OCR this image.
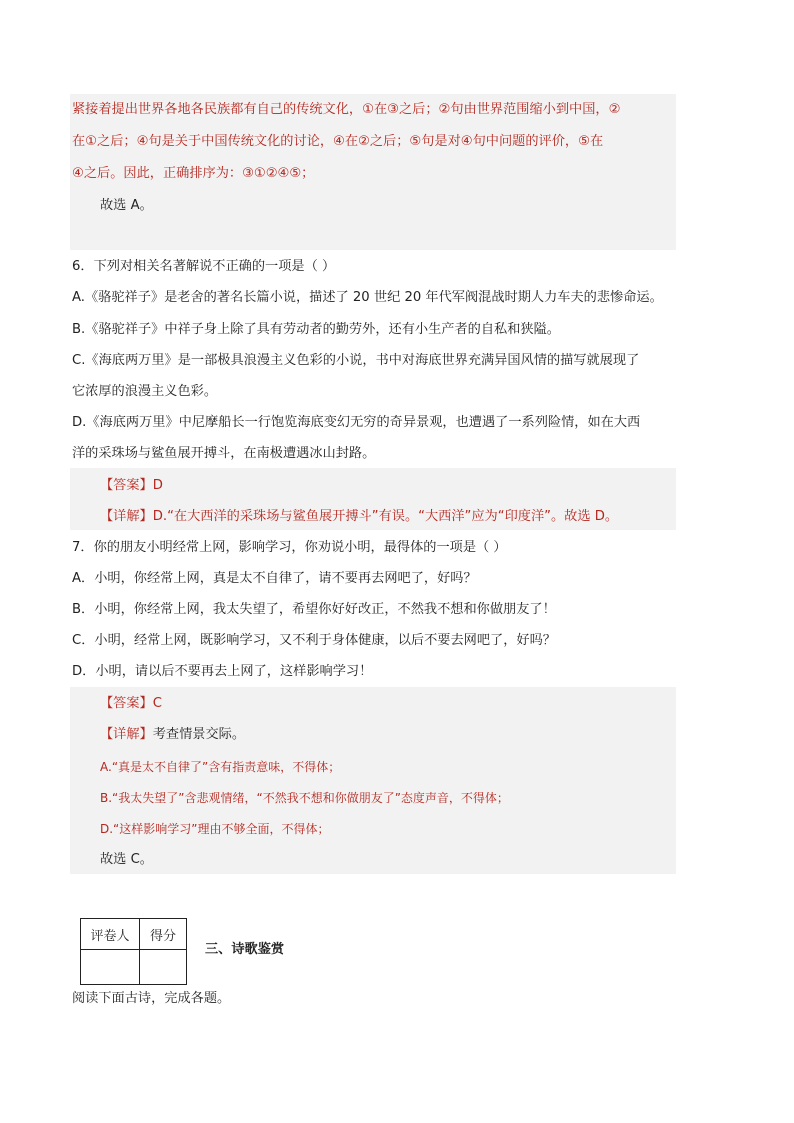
紧接着提出世界各地各民族都有自己的传统文化，①在③之后；②句由世界范围缩小到中国，②
在①之后；④句是关于中国传统文化的讨论，④在②之后；⑤句是对④句中问题的评价，⑤在
④之后。因此，正确排序为：③①②④⑤；
故选 A。
6．下列对相关名著解说不正确的一项是（ ）
A.《骆驼祥子》是老舍的著名长篇小说，描述了 20 世纪 20 年代军阀混战时期人力车夫的悲惨命运。
B.《骆驼祥子》中祥子身上除了具有劳动者的勤劳外，还有小生产者的自私和狭隘。
C.《海底两万里》是一部极具浪漫主义色彩的小说，书中对海底世界充满异国风情的描写就展现了
它浓厚的浪漫主义色彩。
D.《海底两万里》中尼摩船长一行饱览海底变幻无穷的奇异景观，也遭遇了一系列险情，如在大西
洋的采珠场与鲨鱼展开搏斗，在南极遭遇冰山封路。
【答案】D
【详解】D.“在大西洋的采珠场与鲨鱼展开搏斗”有误。“大西洋”应为“印度洋”。故选 D。
7．你的朋友小明经常上网，影响学习，你劝说小明，最得体的一项是（ ）
A．小明，你经常上网，真是太不自律了，请不要再去网吧了，好吗？
B．小明，你经常上网，我太失望了，希望你好好改正，不然我不想和你做朋友了！
C．小明，经常上网，既影响学习，又不利于身体健康，以后不要去网吧了，好吗？
D．小明，请以后不要再去上网了，这样影响学习！
【答案】C
【详解】考查情景交际。
A.“真是太不自律了”含有指责意味，不得体；
B.“我太失望了”含悲观情绪，“不然我不想和你做朋友了”态度声音，不得体；
D.“这样影响学习”理由不够全面，不得体；
故选 C。
评卷人	得分

三、诗歌鉴赏
阅读下面古诗，完成各题。
